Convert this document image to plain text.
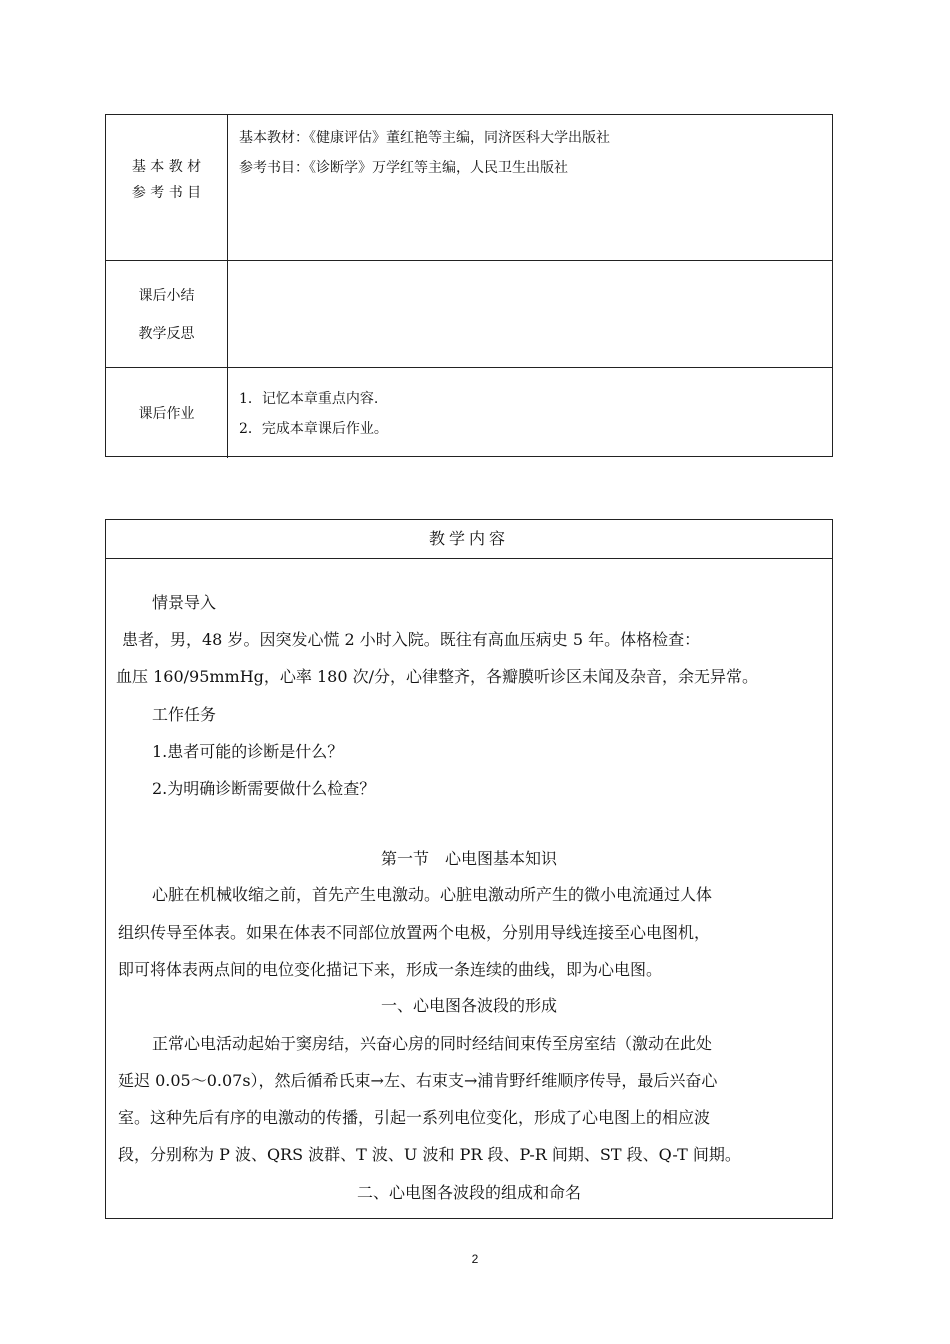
基 本 教 材
参 考 书 目
基本教材：《健康评估》董红艳等主编，同济医科大学出版社
参考书目：《诊断学》万学红等主编，人民卫生出版社
课后小结
教学反思
课后作业
1．记忆本章重点内容.
2．完成本章课后作业。
教学内容
情景导入
患者，男，48 岁。因突发心慌 2 小时入院。既往有高血压病史 5 年。体格检查：
血压 160/95mmHg，心率 180 次/分，心律整齐，各瓣膜听诊区未闻及杂音，余无异常。
工作任务
1.患者可能的诊断是什么？
2.为明确诊断需要做什么检查？
第一节　心电图基本知识
心脏在机械收缩之前，首先产生电激动。心脏电激动所产生的微小电流通过人体
组织传导至体表。如果在体表不同部位放置两个电极，分别用导线连接至心电图机，
即可将体表两点间的电位变化描记下来，形成一条连续的曲线，即为心电图。
一、心电图各波段的形成
正常心电活动起始于窦房结，兴奋心房的同时经结间束传至房室结（激动在此处
延迟 0.05～0.07s），然后循希氏束→左、右束支→浦肯野纤维顺序传导，最后兴奋心
室。这种先后有序的电激动的传播，引起一系列电位变化，形成了心电图上的相应波
段，分别称为 P 波、QRS 波群、T 波、U 波和 PR 段、P-R 间期、ST 段、Q-T 间期。
二、心电图各波段的组成和命名
2
